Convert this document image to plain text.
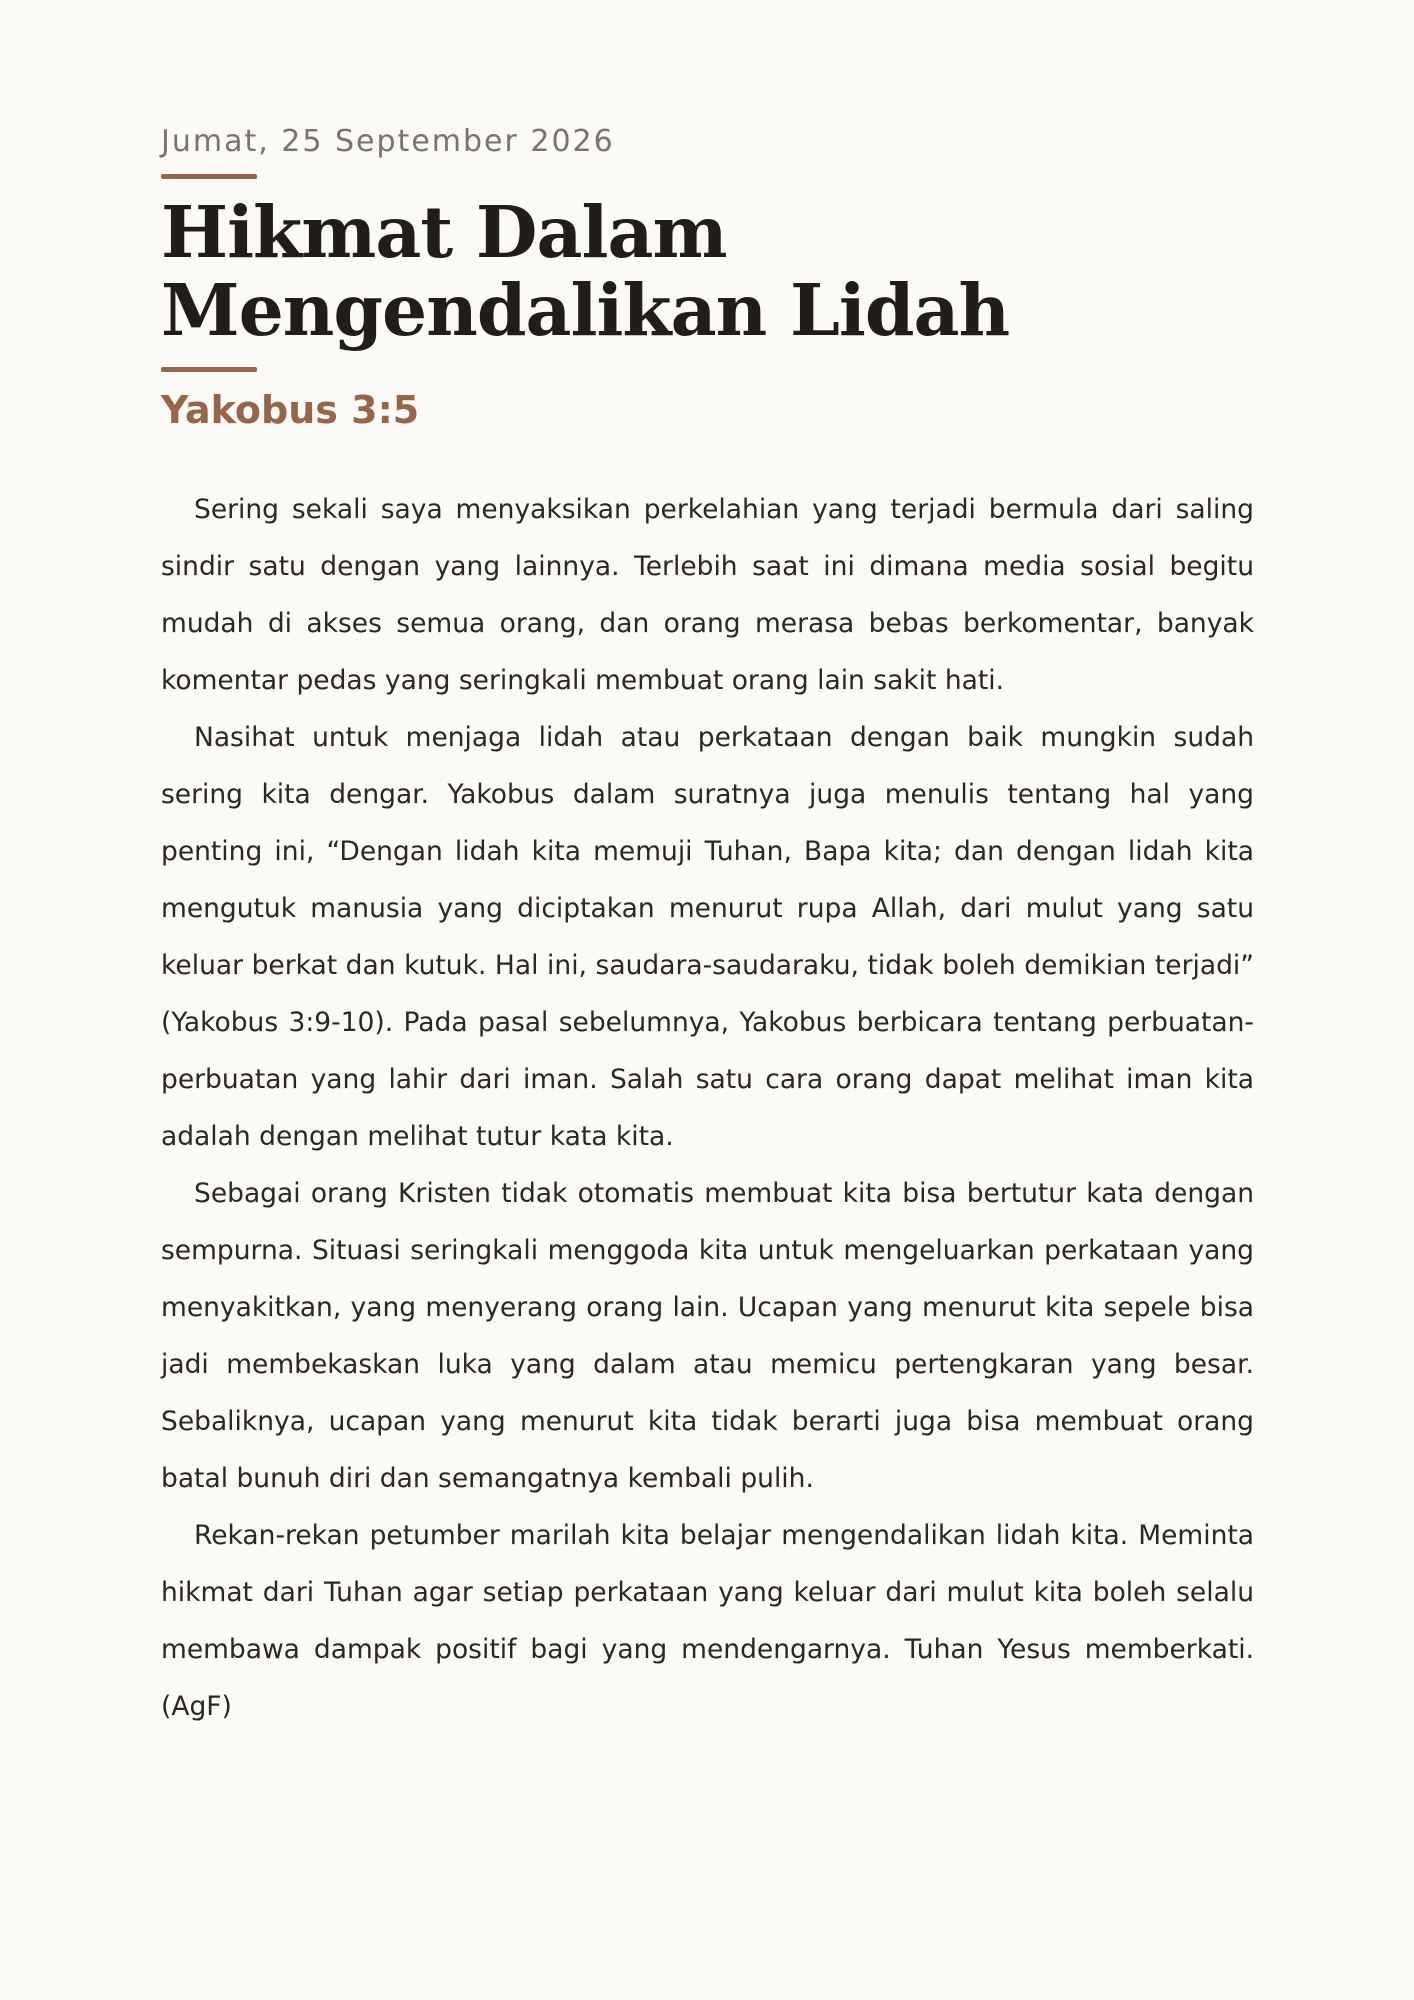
Jumat, 25 September 2026

Hikmat Dalam Mengendalikan Lidah
Yakobus 3:5

Sering sekali saya menyaksikan perkelahian yang terjadi bermula dari saling sindir satu dengan yang lainnya. Terlebih saat ini dimana media sosial begitu mudah di akses semua orang, dan orang merasa bebas berkomentar, banyak komentar pedas yang seringkali membuat orang lain sakit hati.

Nasihat untuk menjaga lidah atau perkataan dengan baik mungkin sudah sering kita dengar. Yakobus dalam suratnya juga menulis tentang hal yang penting ini, “Dengan lidah kita memuji Tuhan, Bapa kita; dan dengan lidah kita mengutuk manusia yang diciptakan menurut rupa Allah, dari mulut yang satu keluar berkat dan kutuk. Hal ini, saudara-saudaraku, tidak boleh demikian terjadi” (Yakobus 3:9-10). Pada pasal sebelumnya, Yakobus berbicara tentang perbuatan-perbuatan yang lahir dari iman. Salah satu cara orang dapat melihat iman kita adalah dengan melihat tutur kata kita.

Sebagai orang Kristen tidak otomatis membuat kita bisa bertutur kata dengan sempurna. Situasi seringkali menggoda kita untuk mengeluarkan perkataan yang menyakitkan, yang menyerang orang lain. Ucapan yang menurut kita sepele bisa jadi membekaskan luka yang dalam atau memicu pertengkaran yang besar. Sebaliknya, ucapan yang menurut kita tidak berarti juga bisa membuat orang batal bunuh diri dan semangatnya kembali pulih.

Rekan-rekan petumber marilah kita belajar mengendalikan lidah kita. Meminta hikmat dari Tuhan agar setiap perkataan yang keluar dari mulut kita boleh selalu membawa dampak positif bagi yang mendengarnya. Tuhan Yesus memberkati. (AgF)
